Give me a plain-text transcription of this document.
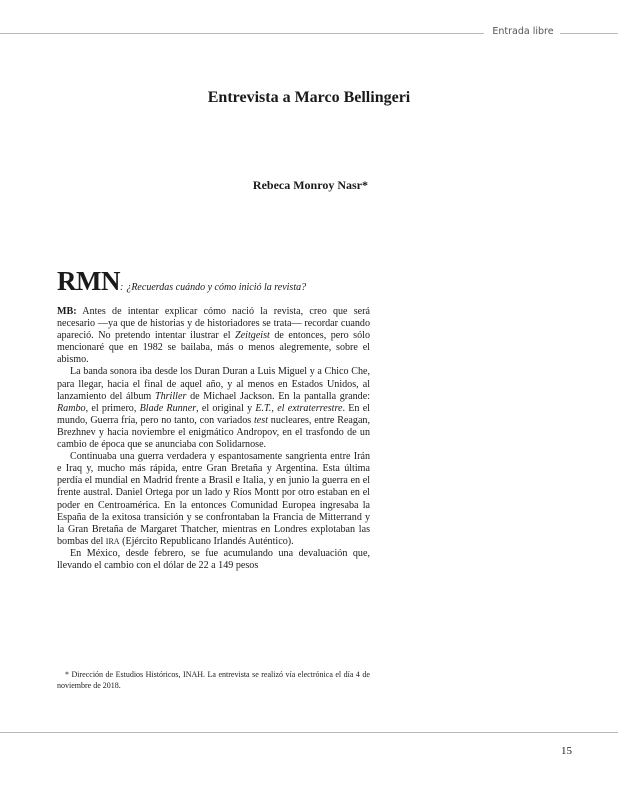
Entrada libre
Entrevista a Marco Bellingeri
Rebeca Monroy Nasr*
RMN: ¿Recuerdas cuándo y cómo inició la revista?

MB: Antes de intentar explicar cómo nació la revista, creo que será necesario —ya que de historias y de historiadores se trata— recordar cuando apareció. No pretendo intentar ilustrar el Zeitgeist de entonces, pero sólo mencionaré que en 1982 se bailaba, más o menos alegremente, sobre el abismo.

La banda sonora iba desde los Duran Duran a Luis Miguel y a Chico Che, para llegar, hacia el final de aquel año, y al menos en Estados Unidos, al lanzamiento del álbum Thriller de Michael Jackson. En la pantalla grande: Rambo, el primero, Blade Runner, el original y E.T., el extraterrestre. En el mundo, Guerra fría, pero no tanto, con variados test nucleares, entre Reagan, Brezhnev y hacia noviembre el enigmático Andropov, en el trasfondo de un cambio de época que se anunciaba con Solidarnose.

Continuaba una guerra verdadera y espantosamente sangrienta entre Irán e Iraq y, mucho más rápida, entre Gran Bretaña y Argentina. Esta última perdía el mundial en Madrid frente a Brasil e Italia, y en junio la guerra en el frente austral. Daniel Ortega por un lado y Ríos Montt por otro estaban en el poder en Centroamérica. En la entonces Comunidad Europea ingresaba la España de la exitosa transición y se confrontaban la Francia de Mitterrand y la Gran Bretaña de Margaret Thatcher, mientras en Londres explotaban las bombas del IRA (Ejército Republicano Irlandés Auténtico).

En México, desde febrero, se fue acumulando una devaluación que, llevando el cambio con el dólar de 22 a 149 pesos

* Dirección de Estudios Históricos, INAH. La entrevista se realizó vía electrónica el día 4 de noviembre de 2018.
15
